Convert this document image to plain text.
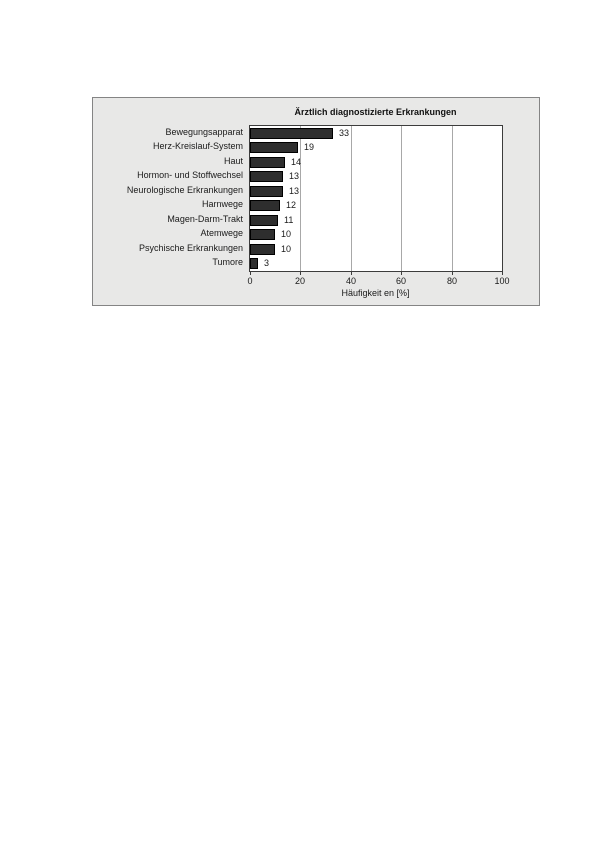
Ärztlich diagnostizierte Erkrankungen
33
19
14
13
13
12
11
10
10
3
Bewegungsapparat
Herz-Kreislauf-System
Haut
Hormon- und Stoffwechsel
Neurologische Erkrankungen
Harnwege
Magen-Darm-Trakt
Atemwege
Psychische Erkrankungen
Tumore
0	20	40	60	80	100
Häufigkeit en [%]
